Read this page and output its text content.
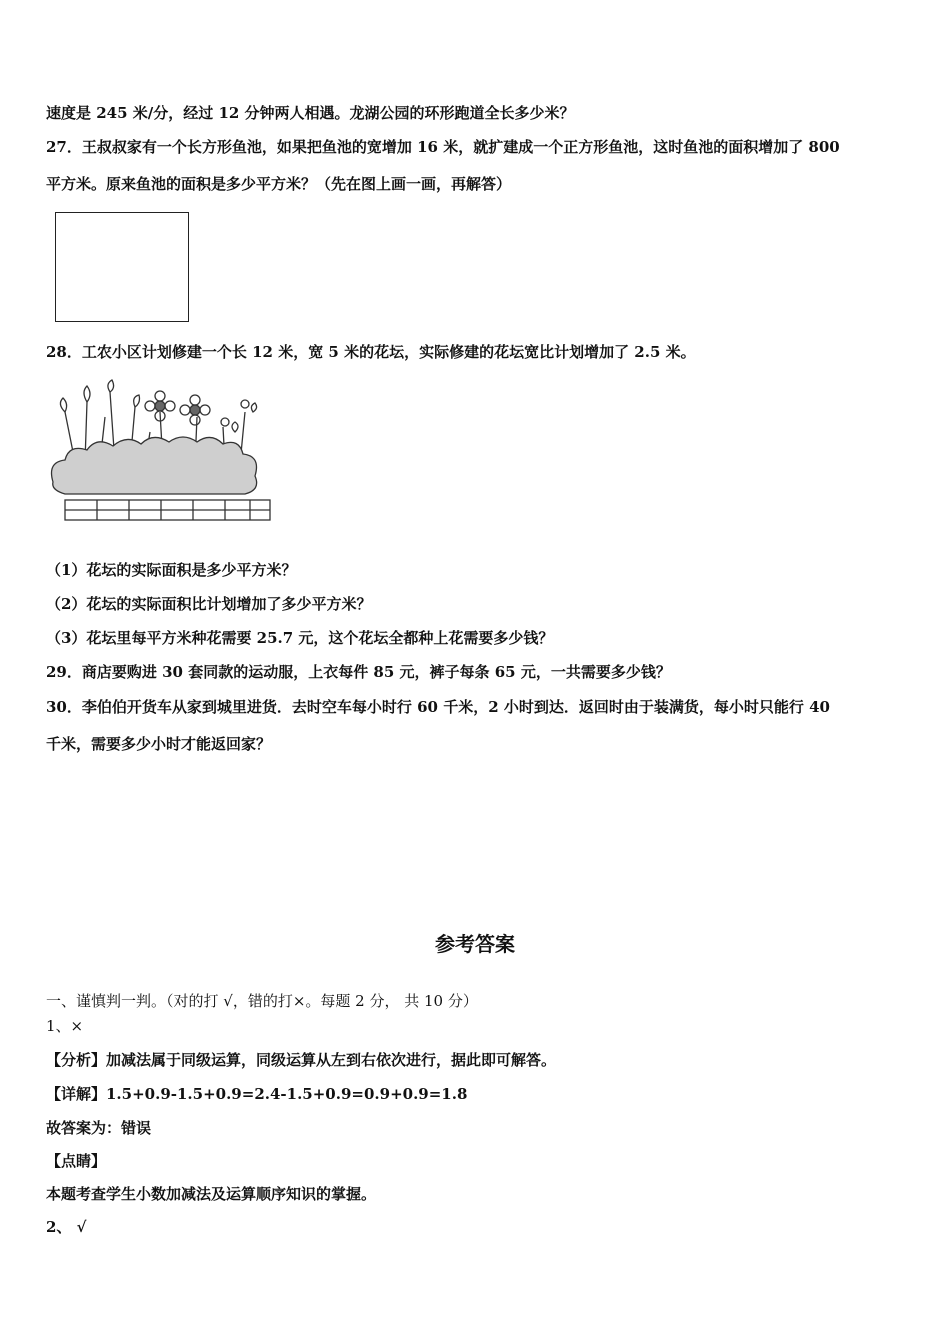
速度是 245 米/分，经过 12 分钟两人相遇。龙湖公园的环形跑道全长多少米？
27．王叔叔家有一个长方形鱼池，如果把鱼池的宽增加 16 米，就扩建成一个正方形鱼池，这时鱼池的面积增加了 800
平方米。原来鱼池的面积是多少平方米？（先在图上画一画，再解答）
28．工农小区计划修建一个长 12 米，宽 5 米的花坛，实际修建的花坛宽比计划增加了 2.5 米。
（1）花坛的实际面积是多少平方米？
（2）花坛的实际面积比计划增加了多少平方米？
（3）花坛里每平方米种花需要 25.7 元，这个花坛全都种上花需要多少钱？
29．商店要购进 30 套同款的运动服，上衣每件 85 元，裤子每条 65 元，一共需要多少钱？
30．李伯伯开货车从家到城里进货．去时空车每小时行 60 千米，2 小时到达．返回时由于装满货，每小时只能行 40
千米，需要多少小时才能返回家？
参考答案
一、谨慎判一判。（对的打 √，错的打×。每题 2 分， 共 10 分）
1、×
【分析】加减法属于同级运算，同级运算从左到右依次进行，据此即可解答。
【详解】1.5+0.9-1.5+0.9=2.4-1.5+0.9=0.9+0.9=1.8
故答案为：错误
【点睛】
本题考查学生小数加减法及运算顺序知识的掌握。
2、 √
